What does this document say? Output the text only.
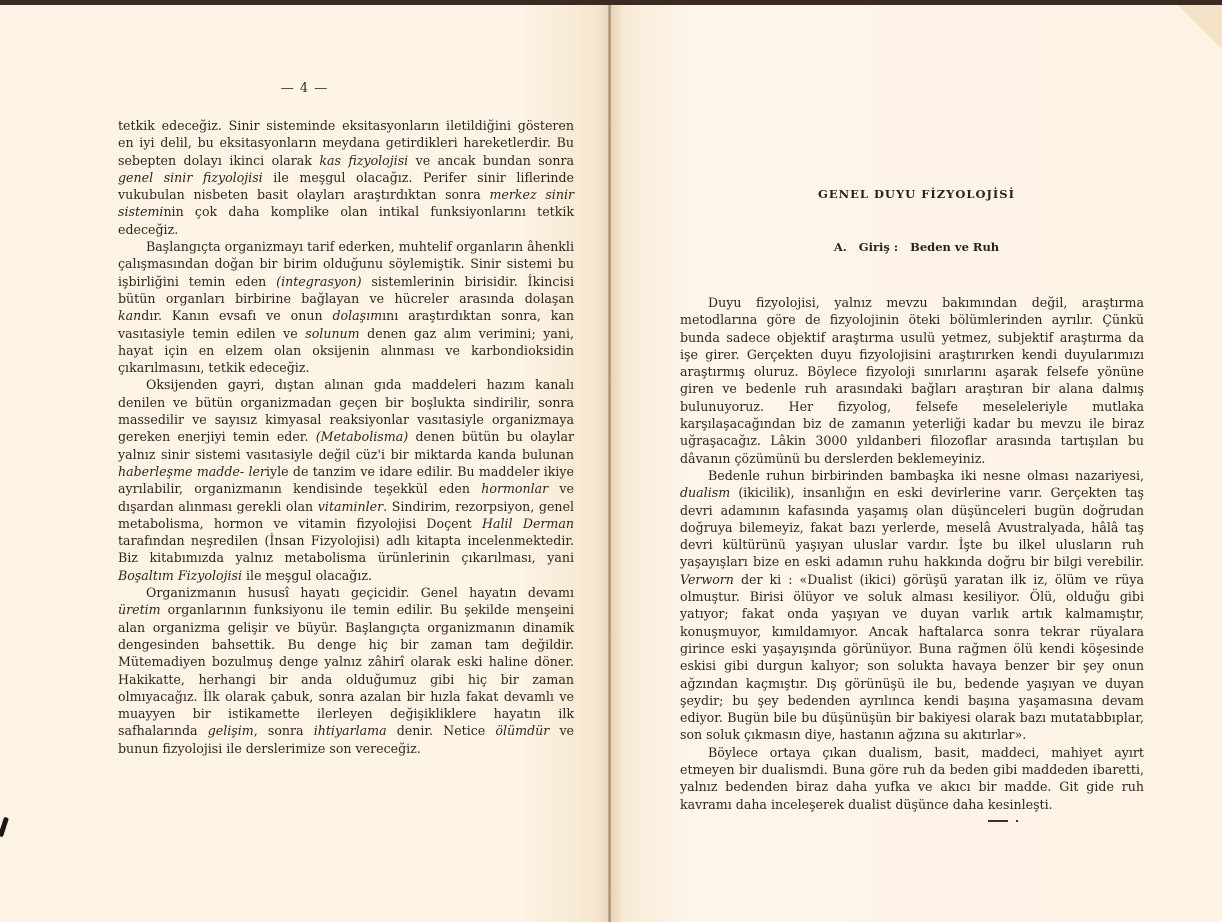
— 4 —

tetkik edeceğiz. Sinir sisteminde eksitasyonların iletildiğini gösteren en iyi delil, bu eksitasyonların meydana getirdikleri hareketlerdir. Bu sebepten dolayı ikinci olarak kas fizyolojisi ve ancak bundan sonra genel sinir fizyolojisi ile meşgul olacağız. Perifer sinir liflerinde vukubulan nisbeten basit olayları araştırdıktan sonra merkez sinir sisteminin çok daha komplike olan intikal funksiyonlarını tetkik edeceğiz.

Başlangıçta organizmayı tarif ederken, muhtelif organların âhenkli çalışmasından doğan bir birim olduğunu söylemiştik. Sinir sistemi bu işbirliğini temin eden (integrasyon) sistemlerinin birisidir. İkincisi bütün organları birbirine bağlayan ve hücreler arasında dolaşan kandır. Kanın evsafı ve onun dolaşımını araştırdıktan sonra, kan vasıtasiyle temin edilen ve solunum denen gaz alım verimini; yani, hayat için en elzem olan oksijenin alınması ve karbondioksidin çıkarılmasını, tetkik edeceğiz.

Oksijenden gayri, dıştan alınan gıda maddeleri hazım kanalı denilen ve bütün organizmadan geçen bir boşlukta sindirilir, sonra massedilir ve sayısız kimyasal reaksiyonlar vasıtasiyle organizmaya gereken enerjiyi temin eder. (Metabolisma) denen bütün bu olaylar yalnız sinir sistemi vasıtasiyle değil cüz'i bir miktarda kanda bulunan haberleşme madde- leriyle de tanzim ve idare edilir. Bu maddeler ikiye ayrılabilir, organizmanın kendisinde teşekkül eden hormonlar ve dışardan alınması gerekli olan vitaminler. Sindirim, rezorpsiyon, genel metabolisma, hormon ve vitamin fizyolojisi Doçent Halil Derman tarafından neşredilen (İnsan Fizyolojisi) adlı kitapta incelenmektedir. Biz kitabımızda yalnız metabolisma ürünlerinin çıkarılması, yani Boşaltım Fizyolojisi ile meşgul olacağız.

Organizmanın hususî hayatı geçicidir. Genel hayatın devamı üretim organlarının funksiyonu ile temin edilir. Bu şekilde menşeini alan organizma gelişir ve büyür. Başlangıçta organizmanın dinamik dengesinden bahsettik. Bu denge hiç bir zaman tam değildir. Mütemadiyen bozulmuş denge yalnız zâhirî olarak eski haline döner. Hakikatte, herhangi bir anda olduğumuz gibi hiç bir zaman olmıyacağız. İlk olarak çabuk, sonra azalan bir hızla fakat devamlı ve muayyen bir istikamette ilerleyen değişikliklere hayatın ilk safhalarında gelişim, sonra ihtiyarlama denir. Netice ölümdür ve bunun fizyolojisi ile derslerimize son vereceğiz.

Duyu fizyolojisi, yalnız mevzu bakımından değil, araştırma metodlarına göre de fizyolojinin öteki bölümlerinden ayrılır. Çünkü bunda sadece objektif araştırma usulü yetmez, subjektif araştırma da işe girer. Gerçekten duyu fizyolojisini araştırırken kendi duyularımızı araştırmış oluruz. Böylece fizyoloji sınırlarını aşarak felsefe yönüne giren ve bedenle ruh arasındaki bağları araştıran bir alana dalmış bulunuyoruz. Her fizyolog, felsefe meseleleriyle mutlaka karşılaşacağından biz de zamanın yeterliği kadar bu mevzu ile biraz uğraşacağız. Lâkin 3000 yıldanberi filozoflar arasında tartışılan bu dâvanın çözümünü bu derslerden beklemeyiniz.

Bedenle ruhun birbirinden bambaşka iki nesne olması nazariyesi, dualism (ikicilik), insanlığın en eski devirlerine varır. Gerçekten taş devri adamının kafasında yaşamış olan düşünceleri bugün doğrudan doğruya bilemeyiz, fakat bazı yerlerde, meselâ Avustralyada, hâlâ taş devri kültürünü yaşıyan uluslar vardır. İşte bu ilkel ulusların ruh yaşayışları bize en eski adamın ruhu hakkında doğru bir bilgi verebilir. Verworn der ki : «Dualist (ikici) görüşü yaratan ilk iz, ölüm ve rüya olmuştur. Birisi ölüyor ve soluk alması kesiliyor. Ölü, olduğu gibi yatıyor; fakat onda yaşıyan ve duyan varlık artık kalmamıştır, konuşmuyor, kımıldamıyor. Ancak haftalarca sonra tekrar rüyalara girince eski yaşayışında görünüyor. Buna rağmen ölü kendi köşesinde eskisi gibi durgun kalıyor; son solukta havaya benzer bir şey onun ağzından kaçmıştır. Dış görünüşü ile bu, bedende yaşıyan ve duyan şeydir; bu şey bedenden ayrılınca kendi başına yaşamasına devam ediyor. Bugün bile bu düşünüşün bir bakiyesi olarak bazı mutatabbıplar, son soluk çıkmasın diye, hastanın ağzına su akıtırlar».

Böylece ortaya çıkan dualism, basit, maddeci, mahiyet ayırt etmeyen bir dualismdi. Buna göre ruh da beden gibi maddeden ibaretti, yalnız bedenden biraz daha yufka ve akıcı bir madde. Git gide ruh kavramı daha inceleşerek dualist düşünce daha kesinleşti.

GENEL DUYU FİZYOLOJİSİ
A. Giriş : Beden ve Ruh
